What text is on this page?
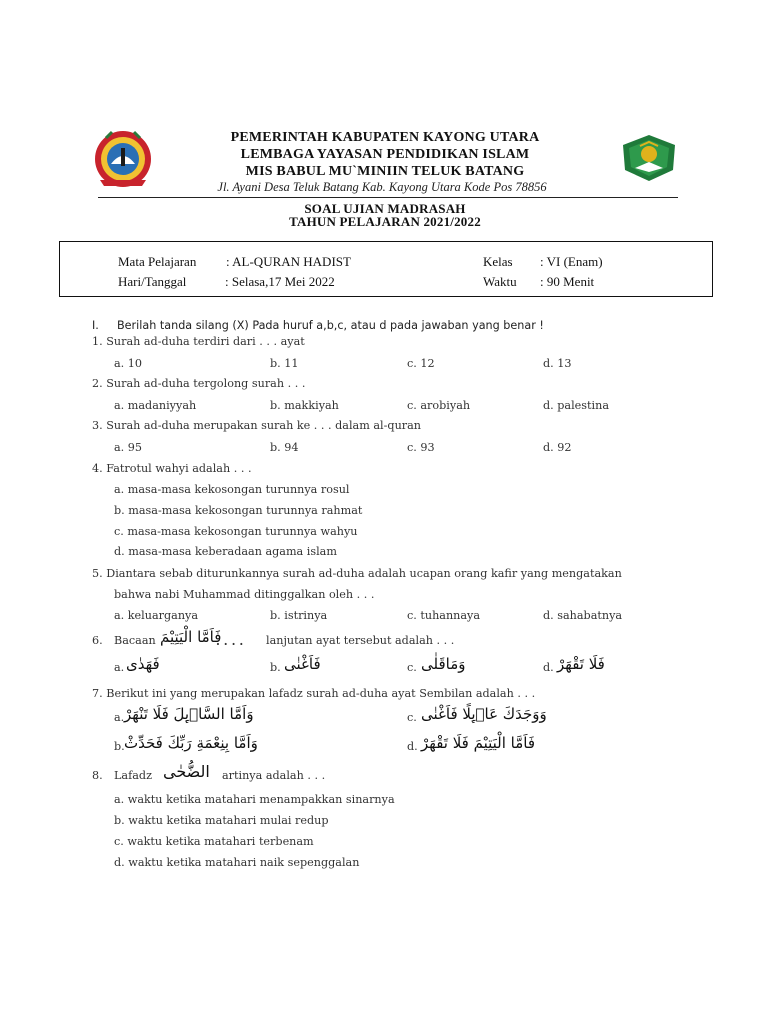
PEMERINTAH KABUPATEN KAYONG UTARA
LEMBAGA YAYASAN PENDIDIKAN ISLAM
MIS BABUL MU`MINIIN TELUK BATANG
Jl. Ayani Desa Teluk Batang Kab. Kayong Utara Kode Pos 78856
SOAL UJIAN MADRASAH
TAHUN PELAJARAN 2021/2022
Mata Pelajaran : AL-QURAN HADIST	Kelas : VI (Enam)
Hari/Tanggal	: Selasa,17 Mei 2022	Waktu : 90 Menit
I. Berilah tanda silang (X) Pada huruf a,b,c, atau d pada jawaban yang benar !
1. Surah ad-duha terdiri dari . . . ayat
a. 10	b. 11	c. 12	d. 13
2. Surah ad-duha tergolong surah . . .
a. madaniyyah	b. makkiyah	c. arobiyah	d. palestina
3. Surah ad-duha merupakan surah ke . . . dalam al-quran
a. 95	b. 94	c. 93	d. 92
4. Fatrotul wahyi adalah . . .
a. masa-masa kekosongan turunnya rosul
b. masa-masa kekosongan turunnya rahmat
c. masa-masa kekosongan turunnya wahyu
d. masa-masa keberadaan agama islam
5. Diantara sebab diturunkannya surah ad-duha adalah ucapan orang kafir yang mengatakan
bahwa nabi Muhammad ditinggalkan oleh . . .
a. keluarganya	b. istrinya	c. tuhannaya	d. sahabatnya
6. Bacaan فَاَمَّا الْيَتِيْمَ
. . . . lanjutan ayat tersebut adalah . . .
a. فَهَدٰى	b. فَاَغْنٰى	c. وَمَاقَلٰى	d. فَلَا تَقْهَرْ
7. Berikut ini yang merupakan lafadz surah ad-duha ayat Sembilan adalah . . .
a. وَاَمَّا السَّاۤىِٕلَ فَلَا تَنْهَرْ	c. وَوَجَدَكَ عَاۤىِٕلًا فَاَغْنٰى
b. وَاَمَّا بِنِعْمَةِ رَبِّكَ فَحَدِّثْ	d. فَاَمَّا الْيَتِيْمَ فَلَا تَقْهَرْ
8. Lafadz الضُّحٰى artinya adalah . . .
a. waktu ketika matahari menampakkan sinarnya
b. waktu ketika matahari mulai redup
c. waktu ketika matahari terbenam
d. waktu ketika matahari naik sepenggalan
